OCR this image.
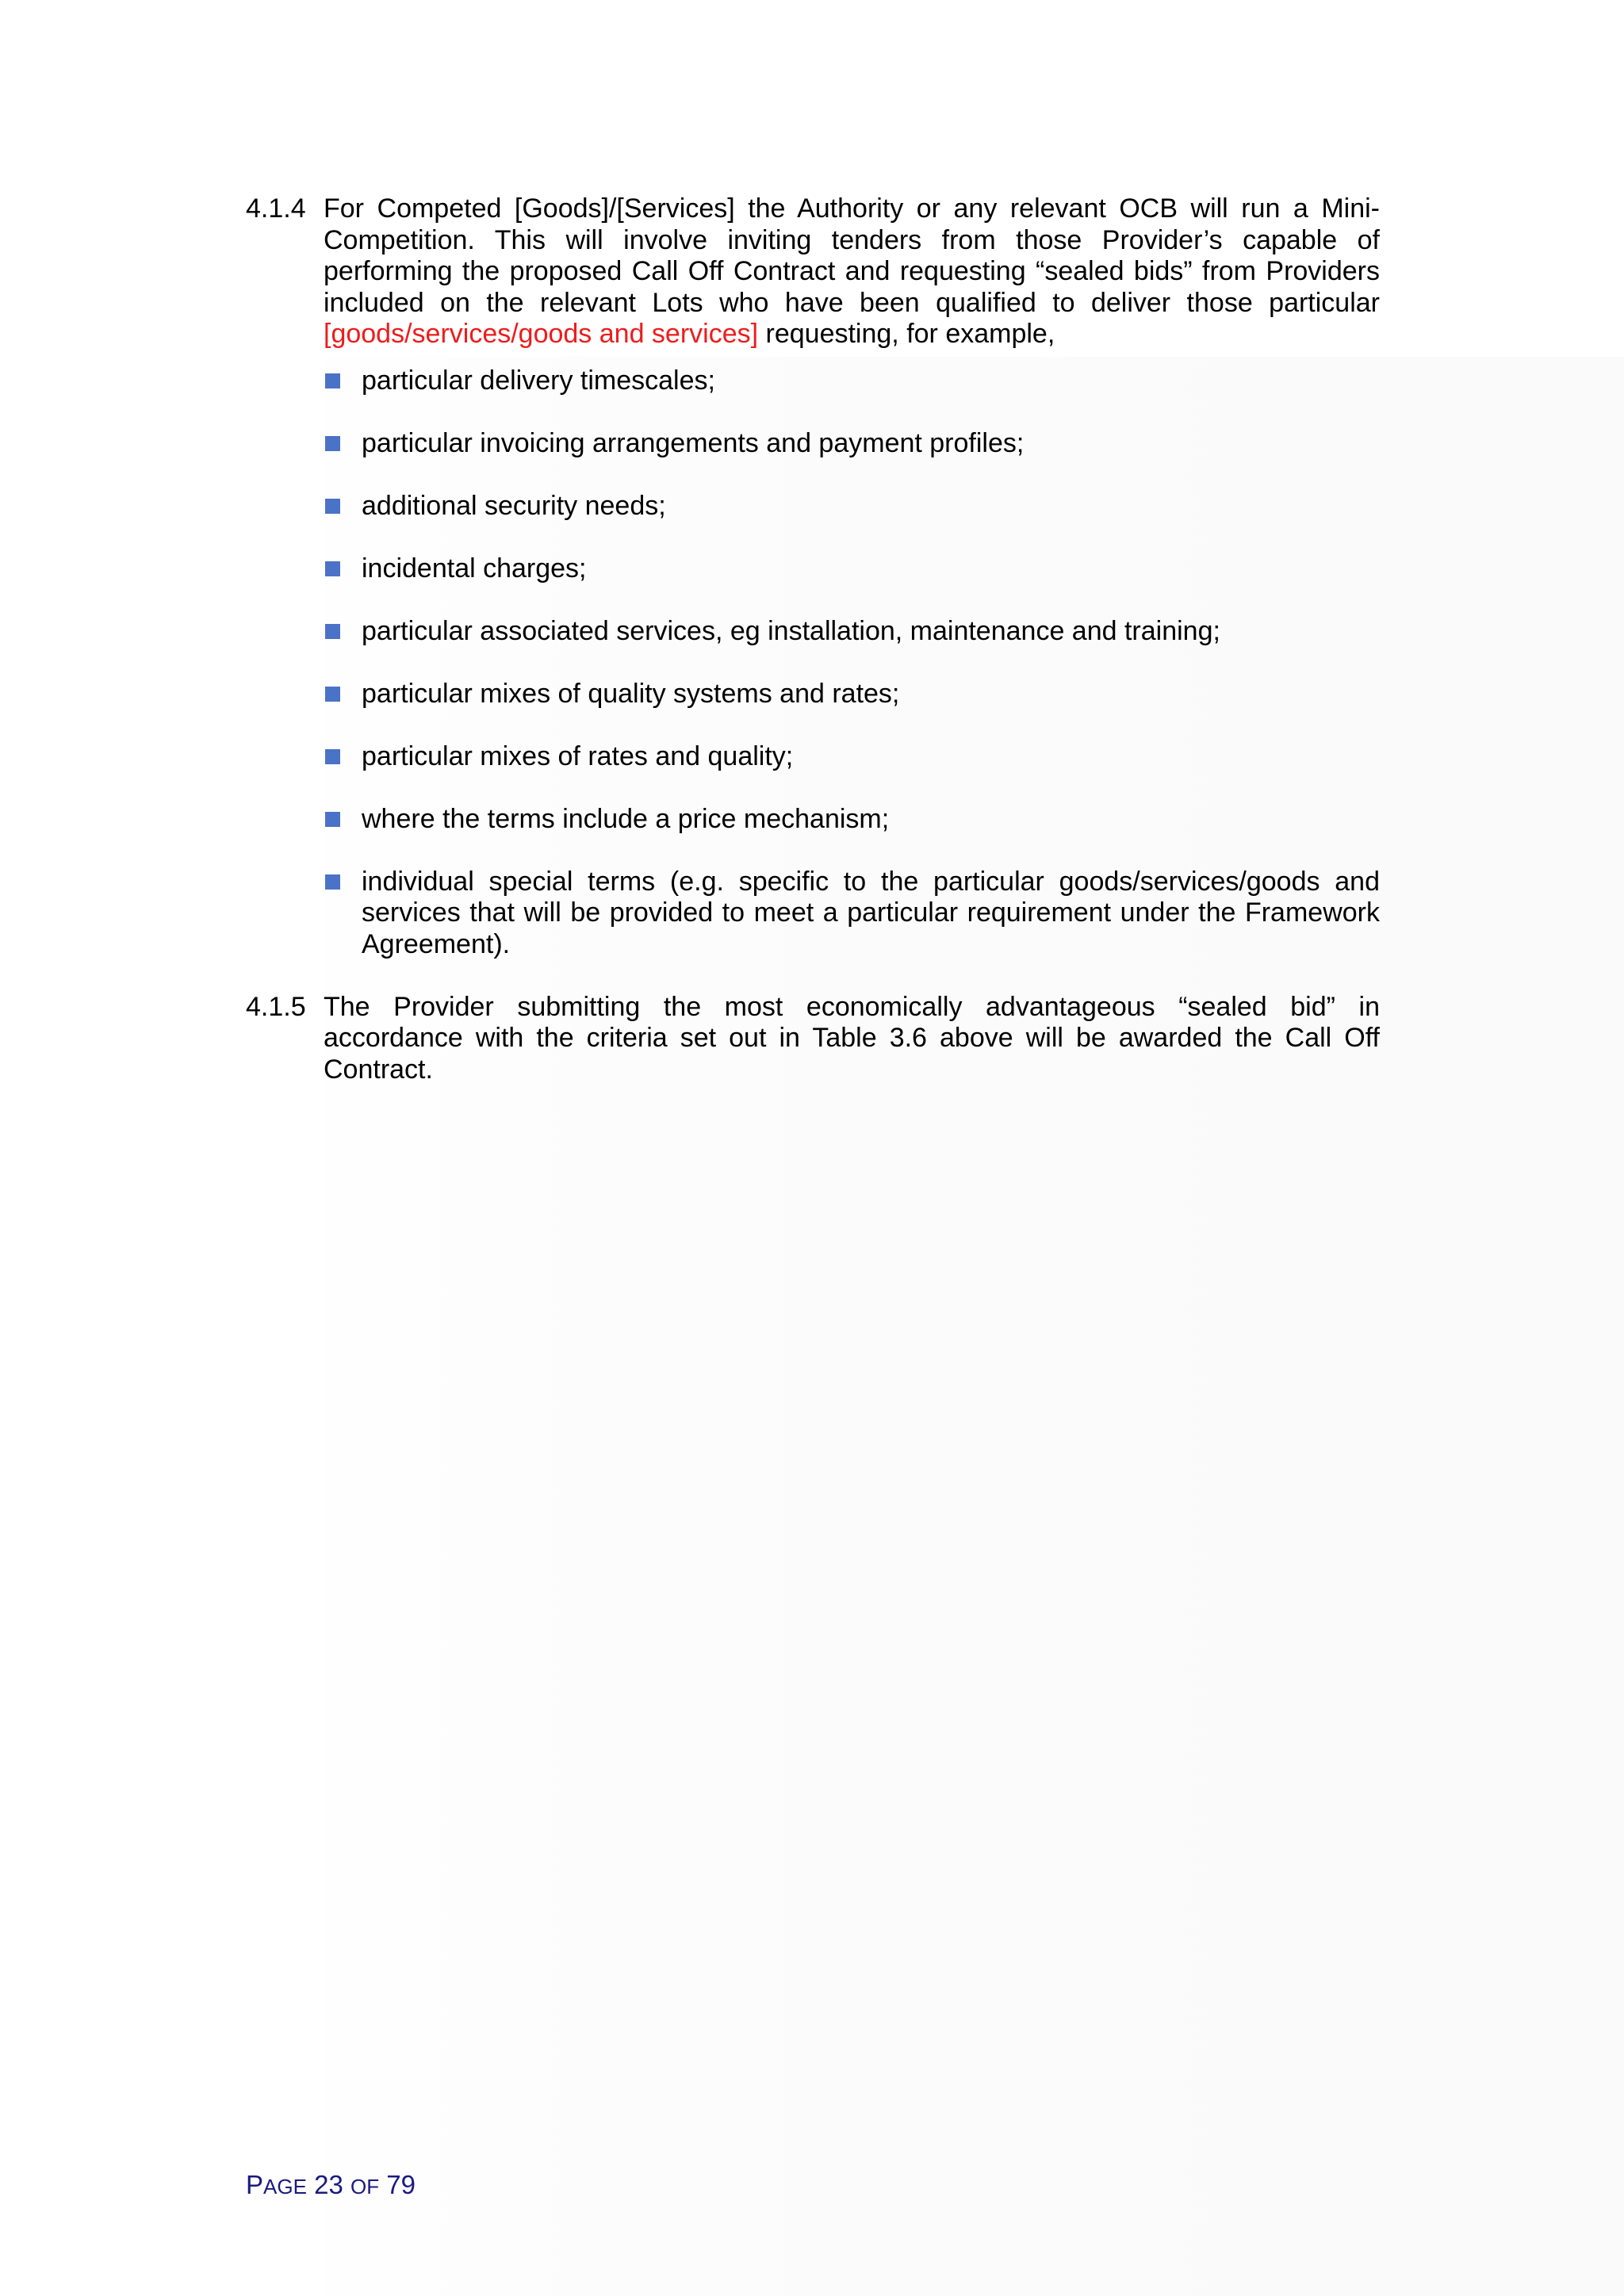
4.1.4 For Competed [Goods]/[Services] the Authority or any relevant OCB will run a Mini-Competition. This will involve inviting tenders from those Provider’s capable of performing the proposed Call Off Contract and requesting “sealed bids” from Providers included on the relevant Lots who have been qualified to deliver those particular [goods/services/goods and services] requesting, for example,
particular delivery timescales;
particular invoicing arrangements and payment profiles;
additional security needs;
incidental charges;
particular associated services, eg installation, maintenance and training;
particular mixes of quality systems and rates;
particular mixes of rates and quality;
where the terms include a price mechanism;
individual special terms (e.g. specific to the particular goods/services/goods and services that will be provided to meet a particular requirement under the Framework Agreement).
4.1.5 The Provider submitting the most economically advantageous “sealed bid” in accordance with the criteria set out in Table 3.6 above will be awarded the Call Off Contract.
PAGE 23 OF 79
